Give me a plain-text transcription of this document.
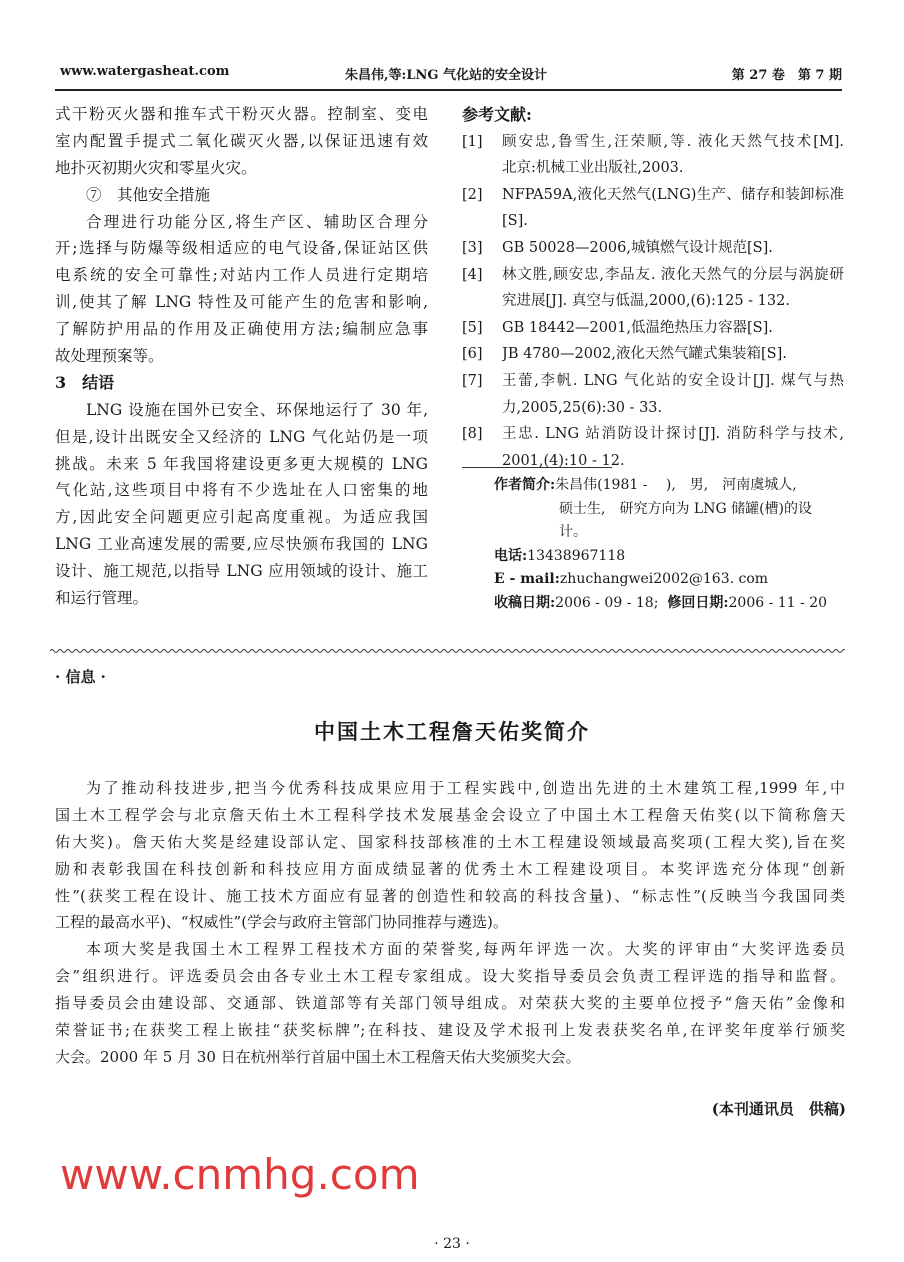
www.watergasheat.com	朱昌伟,等:LNG 气化站的安全设计	第 27 卷　第 7 期
式干粉灭火器和推车式干粉灭火器。控制室、变电
室内配置手提式二氧化碳灭火器,以保证迅速有效
地扑灭初期火灾和零星火灾。
⑦　其他安全措施
合理进行功能分区,将生产区、辅助区合理分
开;选择与防爆等级相适应的电气设备,保证站区供
电系统的安全可靠性;对站内工作人员进行定期培
训,使其了解 LNG 特性及可能产生的危害和影响,
了解防护用品的作用及正确使用方法;编制应急事
故处理预案等。
3　结语
LNG 设施在国外已安全、环保地运行了 30 年,
但是,设计出既安全又经济的 LNG 气化站仍是一项
挑战。未来 5 年我国将建设更多更大规模的 LNG
气化站,这些项目中将有不少选址在人口密集的地
方,因此安全问题更应引起高度重视。为适应我国
LNG 工业高速发展的需要,应尽快颁布我国的 LNG
设计、施工规范,以指导 LNG 应用领域的设计、施工
和运行管理。
参考文献:
[1]	顾安忠,鲁雪生,汪荣顺,等. 液化天然气技术[M].
北京:机械工业出版社,2003.
[2]	NFPA59A,液化天然气(LNG)生产、储存和装卸标准
[S].
[3]	GB 50028—2006,城镇燃气设计规范[S].
[4]	林文胜,顾安忠,李品友. 液化天然气的分层与涡旋研
究进展[J]. 真空与低温,2000,(6):125 - 132.
[5]	GB 18442—2001,低温绝热压力容器[S].
[6]	JB 4780—2002,液化天然气罐式集装箱[S].
[7]	王蕾,李帆. LNG 气化站的安全设计[J]. 煤气与热
力,2005,25(6):30 - 33.
[8]	王忠. LNG 站消防设计探讨[J]. 消防科学与技术,
2001,(4):10 - 12.
作者简介:朱昌伟(1981 -　 ),　男,　河南虞城人,
硕士生,　研究方向为 LNG 储罐(槽)的设
计。
电话:13438967118
E - mail:zhuchangwei2002@163. com
收稿日期:2006 - 09 - 18; 修回日期:2006 - 11 - 20
· 信息 ·
中国土木工程詹天佑奖简介
为了推动科技进步,把当今优秀科技成果应用于工程实践中,创造出先进的土木建筑工程,1999 年,中
国土木工程学会与北京詹天佑土木工程科学技术发展基金会设立了中国土木工程詹天佑奖(以下简称詹天
佑大奖)。詹天佑大奖是经建设部认定、国家科技部核准的土木工程建设领域最高奖项(工程大奖),旨在奖
励和表彰我国在科技创新和科技应用方面成绩显著的优秀土木工程建设项目。本奖评选充分体现“创新
性”(获奖工程在设计、施工技术方面应有显著的创造性和较高的科技含量)、“标志性”(反映当今我国同类
工程的最高水平)、“权威性”(学会与政府主管部门协同推荐与遴选)。
本项大奖是我国土木工程界工程技术方面的荣誉奖,每两年评选一次。大奖的评审由“大奖评选委员
会”组织进行。评选委员会由各专业土木工程专家组成。设大奖指导委员会负责工程评选的指导和监督。
指导委员会由建设部、交通部、铁道部等有关部门领导组成。对荣获大奖的主要单位授予“詹天佑”金像和
荣誉证书;在获奖工程上嵌挂“获奖标牌”;在科技、建设及学术报刊上发表获奖名单,在评奖年度举行颁奖
大会。2000 年 5 月 30 日在杭州举行首届中国土木工程詹天佑大奖颁奖大会。
(本刊通讯员　供稿)
www.cnmhg.com
· 23 ·
